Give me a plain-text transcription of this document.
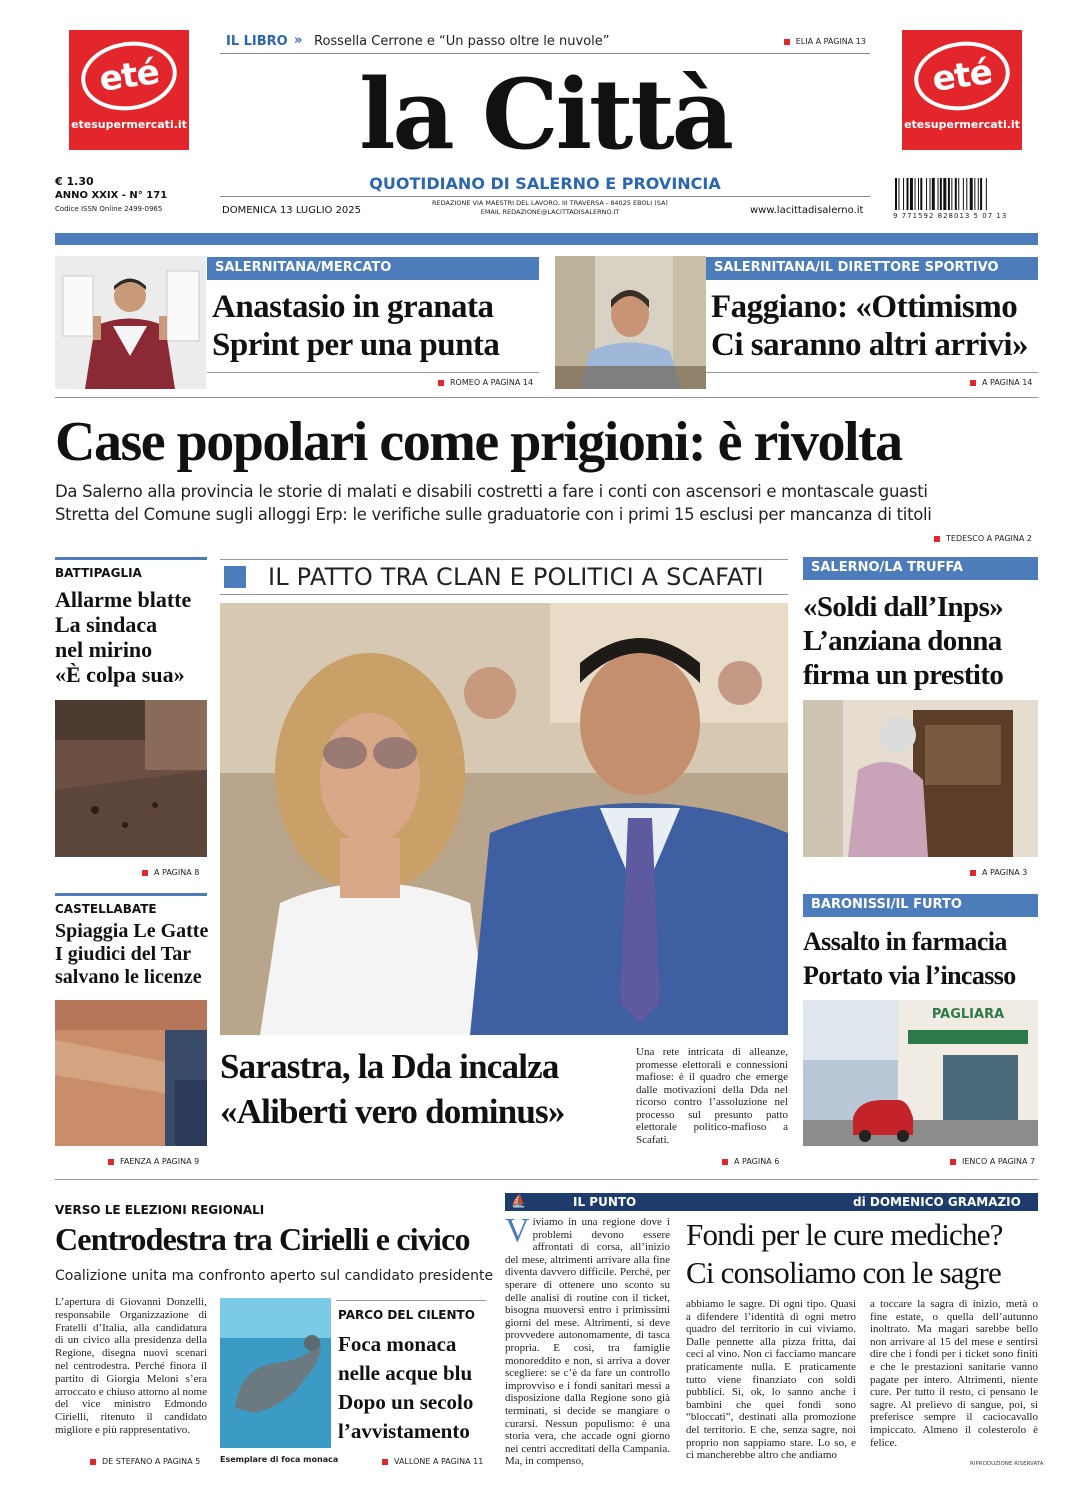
eté
etesupermercati.it
eté
etesupermercati.it
IL LIBRO » Rossella Cerrone e “Un passo oltre le nuvole”	ELIA A PAGINA 13
la Città
QUOTIDIANO DI SALERNO E PROVINCIA
€ 1.30
ANNO XXIX - N° 171
Codice ISSN Online 2499-0965	DOMENICA 13 LUGLIO 2025
REDAZIONE VIA MAESTRI DEL LAVORO, III TRAVERSA - 84025 EBOLI (SA)
EMAIL REDAZIONE@LACITTADISALERNO.IT	www.lacittadisalerno.it	9 771592 828013 5 07 13
SALERNITANA/MERCATO
Anastasio in granata
Sprint per una punta
ROMEO A PAGINA 14
SALERNITANA/IL DIRETTORE SPORTIVO
Faggiano: «Ottimismo
Ci saranno altri arrivi»
A PAGINA 14
Case popolari come prigioni: è rivolta
Da Salerno alla provincia le storie di malati e disabili costretti a fare i conti con ascensori e montascale guasti
Stretta del Comune sugli alloggi Erp: le verifiche sulle graduatorie con i primi 15 esclusi per mancanza di titoli
TEDESCO A PAGINA 2
BATTIPAGLIA
Allarme blatte
La sindaca
nel mirino
«È colpa sua»
A PAGINA 8
CASTELLABATE
Spiaggia Le Gatte
I giudici del Tar
salvano le licenze
FAENZA A PAGINA 9
IL PATTO TRA CLAN E POLITICI A SCAFATI
Sarastra, la Dda incalza
«Aliberti vero dominus»
Una rete intricata di alleanze, promesse elettorali e connessioni mafiose: è il quadro che emerge dalle motivazioni della Dda nel ricorso contro l’assoluzione nel processo sul presunto patto elettorale politico-mafioso a Scafati.
A PAGINA 6
SALERNO/LA TRUFFA
«Soldi dall’Inps»
L’anziana donna
firma un prestito
A PAGINA 3
BARONISSI/IL FURTO
Assalto in farmacia
Portato via l’incasso
PAGLIARA
IENCO A PAGINA 7
VERSO LE ELEZIONI REGIONALI
Centrodestra tra Cirielli e civico
Coalizione unita ma confronto aperto sul candidato presidente
L’apertura di Giovanni Donzelli, responsabile Organizzazione di Fratelli d’Italia, alla candidatura di un civico alla presidenza della Regione, disegna nuovi scenari nel centrodestra. Perché finora il partito di Giorgia Meloni s’era arroccato e chiuso attorno al nome del vice ministro Edmondo Cirielli, ritenuto il candidato migliore e più rappresentativo.
DE STEFANO A PAGINA 5 Esemplare di foca monaca
PARCO DEL CILENTO
Foca monaca
nelle acque blu
Dopo un secolo
l’avvistamento
VALLONE A PAGINA 11
⛵	IL PUNTO	di DOMENICO GRAMAZIO
Viviamo in una regione dove i problemi devono essere affrontati di corsa, all’inizio del mese, altrimenti arrivare alla fine diventa davvero difficile. Perché, per sperare di ottenere uno sconto su delle analisi di routine con il ticket, bisogna muoversi entro i primissimi giorni del mese. Altrimenti, si deve provvedere autonomamente, di tasca propria. E così, tra famiglie monoreddito e non, si arriva a dover scegliere: se c’è da fare un controllo improvviso e i fondi sanitari messi a disposizione dalla Regione sono già terminati, si decide se mangiare o curarsi. Nessun populismo: è una storia vera, che accade ogni giorno nei centri accreditati della Campania. Ma, in compenso,
Fondi per le cure mediche?
Ci consoliamo con le sagre
abbiamo le sagre. Di ogni tipo. Quasi a difendere l’identità di ogni metro quadro del territorio in cui viviamo. Dalle pennette alla pizza fritta, dai ceci al vino. Non ci facciamo mancare praticamente nulla. E praticamente tutto viene finanziato con soldi pubblici. Sì, ok, lo sanno anche i bambini che quei fondi sono “bloccati”, destinati alla promozione del territorio. E che, senza sagre, noi proprio non sappiamo stare. Lo so, e ci mancherebbe altro che andiamo
a toccare la sagra di inizio, metà o fine estate, o quella dell’autunno inoltrato. Ma magari sarebbe bello non arrivare al 15 del mese e sentirsi dire che i fondi per i ticket sono finiti e che le prestazioni sanitarie vanno pagate per intero. Altrimenti, niente cure. Per tutto il resto, ci pensano le sagre. Al prelievo di sangue, poi, si preferisce sempre il caciocavallo impiccato. Almeno il colesterolo è felice.
RIPRODUZIONE RISERVATA
